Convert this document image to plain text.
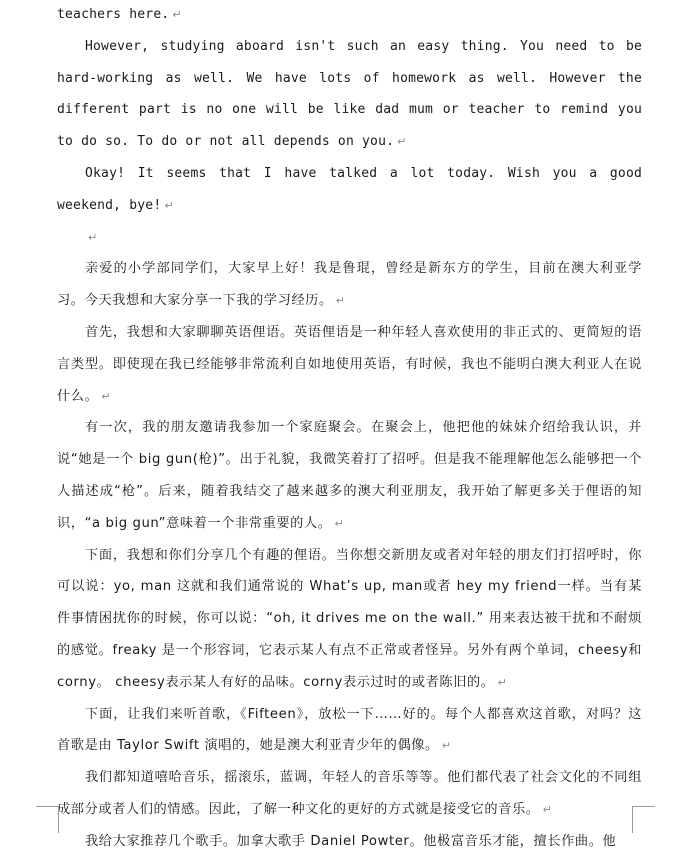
teachers here. ↵

However, studying aboard isn't such an easy thing. You need to be hard-working as well. We have lots of homework as well. However the different part is no one will be like dad mum or teacher to remind you to do so. To do or not all depends on you. ↵

Okay! It seems that I have talked a lot today. Wish you a good weekend, bye! ↵

↵

亲爱的小学部同学们，大家早上好！我是鲁琨，曾经是新东方的学生，目前在澳大利亚学习。今天我想和大家分享一下我的学习经历。 ↵

首先，我想和大家聊聊英语俚语。英语俚语是一种年轻人喜欢使用的非正式的、更简短的语言类型。即使现在我已经能够非常流利自如地使用英语，有时候，我也不能明白澳大利亚人在说什么。 ↵

有一次，我的朋友邀请我参加一个家庭聚会。在聚会上，他把他的妹妹介绍给我认识，并说“她是一个 big gun(枪)”。出于礼貌，我微笑着打了招呼。但是我不能理解他怎么能够把一个人描述成“枪”。后来，随着我结交了越来越多的澳大利亚朋友，我开始了解更多关于俚语的知识，“a big gun”意味着一个非常重要的人。 ↵

下面，我想和你们分享几个有趣的俚语。当你想交新朋友或者对年轻的朋友们打招呼时，你可以说：yo, man 这就和我们通常说的 What’s up, man或者 hey my friend一样。当有某件事情困扰你的时候，你可以说：“oh, it drives me on the wall.” 用来表达被干扰和不耐烦的感觉。freaky 是一个形容词，它表示某人有点不正常或者怪异。另外有两个单词，cheesy和 corny。 cheesy表示某人有好的品味。corny表示过时的或者陈旧的。 ↵

下面，让我们来听首歌，《Fifteen》，放松一下……好的。每个人都喜欢这首歌，对吗？这首歌是由 Taylor Swift 演唱的，她是澳大利亚青少年的偶像。 ↵

我们都知道嘻哈音乐，摇滚乐，蓝调，年轻人的音乐等等。他们都代表了社会文化的不同组成部分或者人们的情感。因此，了解一种文化的更好的方式就是接受它的音乐。 ↵

我给大家推荐几个歌手。加拿大歌手 Daniel Powter。他极富音乐才能，擅长作曲。他
